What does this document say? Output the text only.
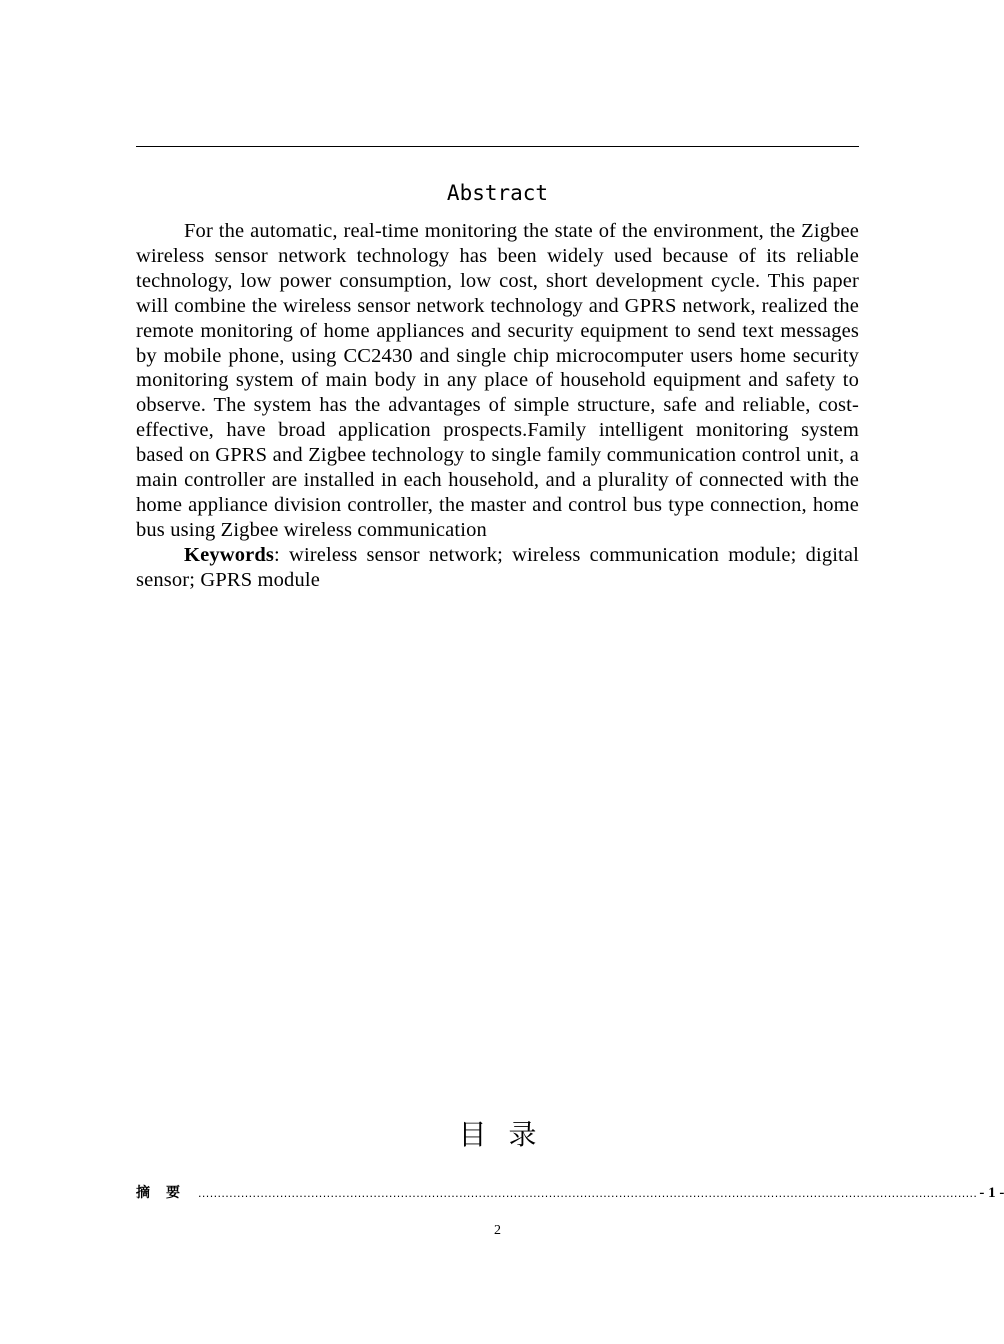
Abstract

For the automatic, real-time monitoring the state of the environment, the Zigbee wireless sensor network technology has been widely used because of its reliable technology, low power consumption, low cost, short development cycle. This paper will combine the wireless sensor network technology and GPRS network, realized the remote monitoring of home appliances and security equipment to send text messages by mobile phone, using CC2430 and single chip microcomputer users home security monitoring system of main body in any place of household equipment and safety to observe. The system has the advantages of simple structure, safe and reliable, cost-effective, have broad application prospects.Family intelligent monitoring system based on GPRS and Zigbee technology to single family communication control unit, a main controller are installed in each household, and a plurality of connected with the home appliance division controller, the master and control bus type connection, home bus using Zigbee wireless communication

Keywords: wireless sensor network; wireless communication module; digital sensor; GPRS module

目录
摘要 ........................................................................................................................................................................................................ - 1 -
2
